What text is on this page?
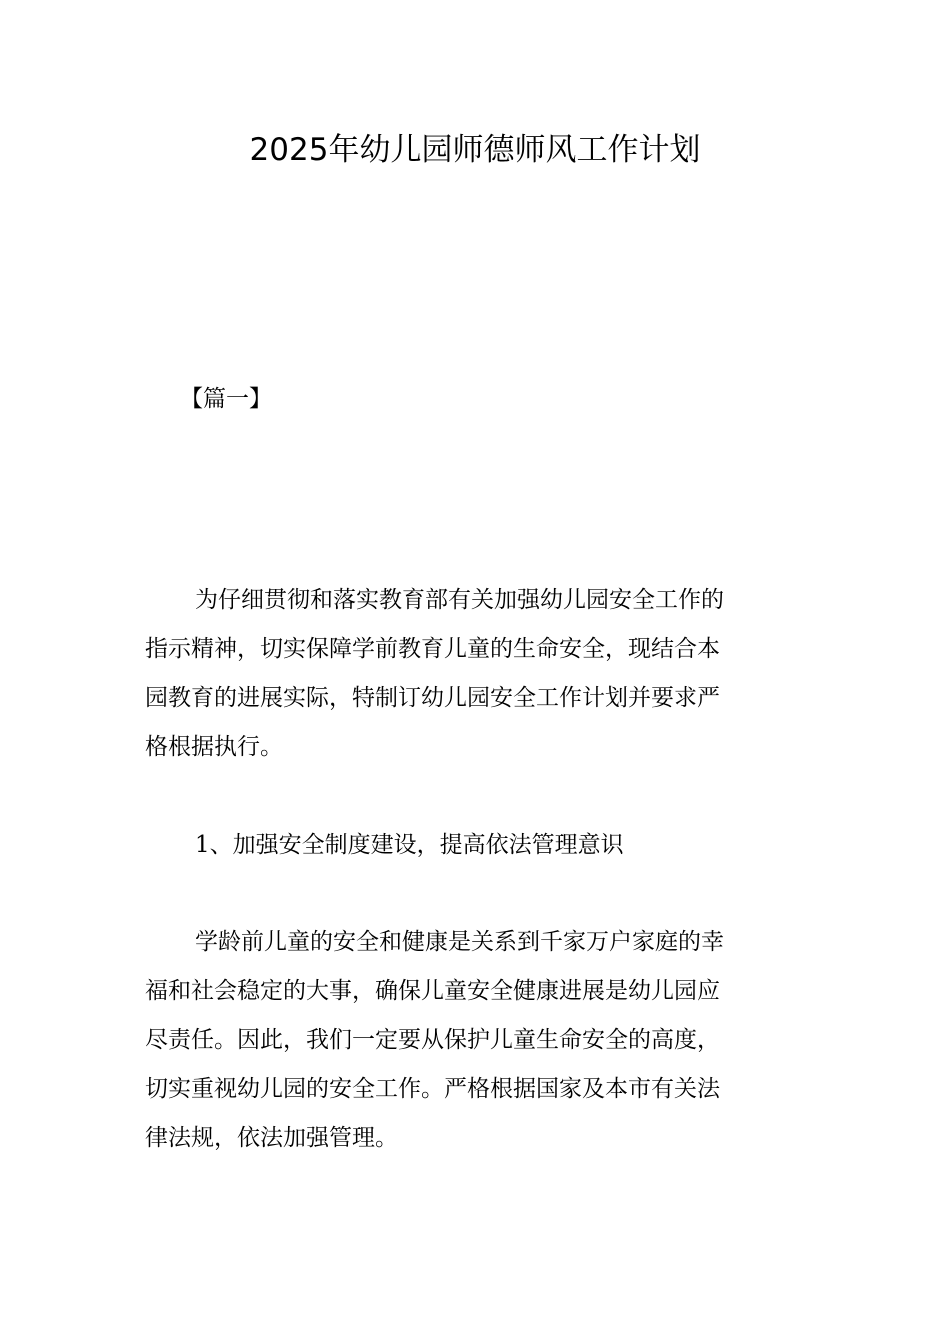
2025年幼儿园师德师风工作计划
【篇一】
为仔细贯彻和落实教育部有关加强幼儿园安全工作的
指示精神，切实保障学前教育儿童的生命安全，现结合本
园教育的进展实际，特制订幼儿园安全工作计划并要求严
格根据执行。
1、加强安全制度建设，提高依法管理意识
学龄前儿童的安全和健康是关系到千家万户家庭的幸
福和社会稳定的大事，确保儿童安全健康进展是幼儿园应
尽责任。因此，我们一定要从保护儿童生命安全的高度，
切实重视幼儿园的安全工作。严格根据国家及本市有关法
律法规，依法加强管理。
